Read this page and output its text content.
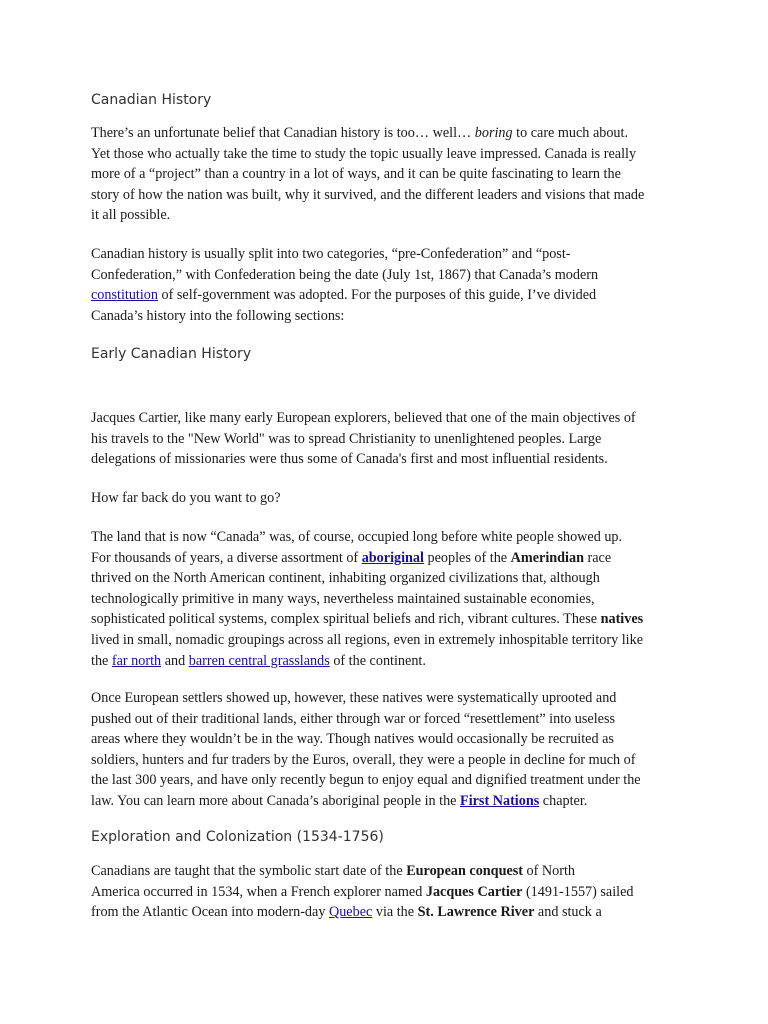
Canadian History

There’s an unfortunate belief that Canadian history is too… well… boring to care much about.
Yet those who actually take the time to study the topic usually leave impressed. Canada is really
more of a “project” than a country in a lot of ways, and it can be quite fascinating to learn the
story of how the nation was built, why it survived, and the different leaders and visions that made
it all possible.

Canadian history is usually split into two categories, “pre-Confederation” and “post-
Confederation,” with Confederation being the date (July 1st, 1867) that Canada’s modern
constitution of self-government was adopted. For the purposes of this guide, I’ve divided
Canada’s history into the following sections:

Early Canadian History

Jacques Cartier, like many early European explorers, believed that one of the main objectives of
his travels to the "New World" was to spread Christianity to unenlightened peoples. Large
delegations of missionaries were thus some of Canada's first and most influential residents.

How far back do you want to go?

The land that is now “Canada” was, of course, occupied long before white people showed up.
For thousands of years, a diverse assortment of aboriginal peoples of the Amerindian race
thrived on the North American continent, inhabiting organized civilizations that, although
technologically primitive in many ways, nevertheless maintained sustainable economies,
sophisticated political systems, complex spiritual beliefs and rich, vibrant cultures. These natives
lived in small, nomadic groupings across all regions, even in extremely inhospitable territory like
the far north and barren central grasslands of the continent.

Once European settlers showed up, however, these natives were systematically uprooted and
pushed out of their traditional lands, either through war or forced “resettlement” into useless
areas where they wouldn’t be in the way. Though natives would occasionally be recruited as
soldiers, hunters and fur traders by the Euros, overall, they were a people in decline for much of
the last 300 years, and have only recently begun to enjoy equal and dignified treatment under the
law. You can learn more about Canada’s aboriginal people in the First Nations chapter.

Exploration and Colonization (1534-1756)

Canadians are taught that the symbolic start date of the European conquest of North
America occurred in 1534, when a French explorer named Jacques Cartier (1491-1557) sailed
from the Atlantic Ocean into modern-day Quebec via the St. Lawrence River and stuck a
